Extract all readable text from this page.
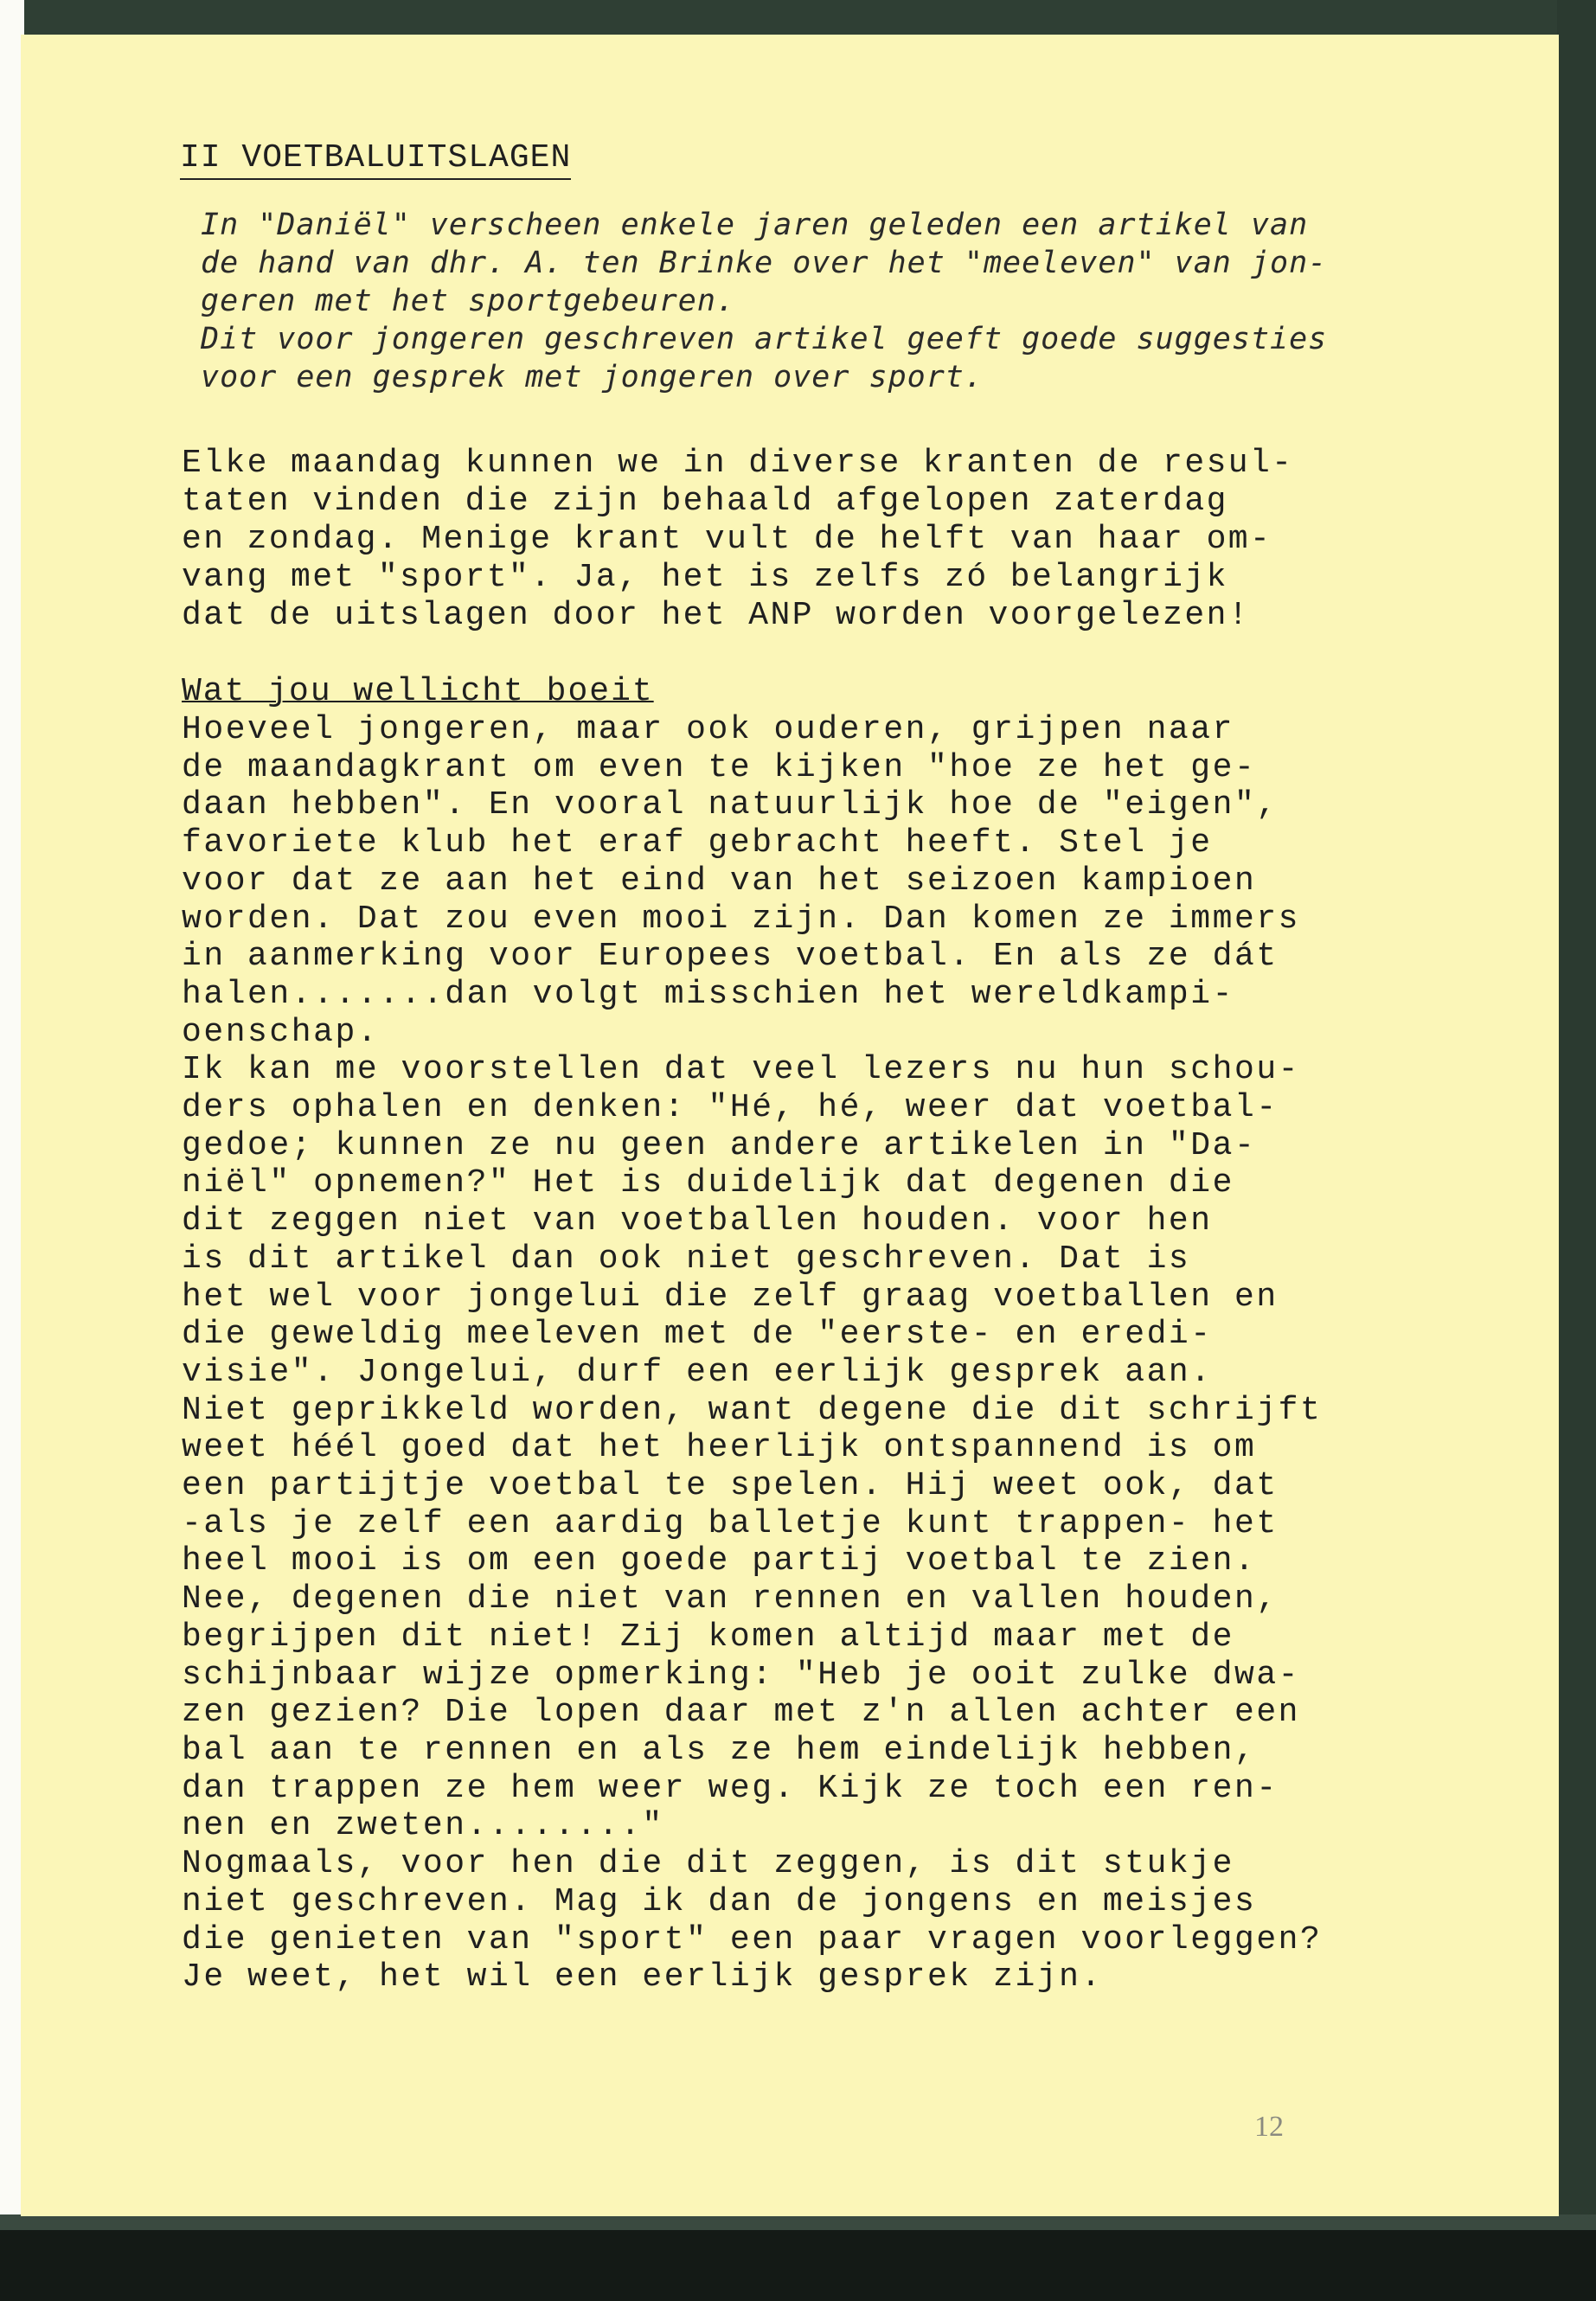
II VOETBALUITSLAGEN

In "Daniël" verscheen enkele jaren geleden een artikel van

de hand van dhr. A. ten Brinke over het "meeleven" van jon-

geren met het sportgebeuren.

Dit voor jongeren geschreven artikel geeft goede suggesties

voor een gesprek met jongeren over sport.

Elke maandag kunnen we in diverse kranten de resul-

taten vinden die zijn behaald afgelopen zaterdag

en zondag. Menige krant vult de helft van haar om-

vang met "sport". Ja, het is zelfs zó belangrijk

dat de uitslagen door het ANP worden voorgelezen!

Wat jou wellicht boeit

Hoeveel jongeren, maar ook ouderen, grijpen naar

de maandagkrant om even te kijken "hoe ze het ge-

daan hebben". En vooral natuurlijk hoe de "eigen",

favoriete klub het eraf gebracht heeft. Stel je

voor dat ze aan het eind van het seizoen kampioen

worden. Dat zou even mooi zijn. Dan komen ze immers

in aanmerking voor Europees voetbal. En als ze dát

halen.......dan volgt misschien het wereldkampi-

oenschap.

Ik kan me voorstellen dat veel lezers nu hun schou-

ders ophalen en denken: "Hé, hé, weer dat voetbal-

gedoe; kunnen ze nu geen andere artikelen in "Da-

niël" opnemen?" Het is duidelijk dat degenen die

dit zeggen niet van voetballen houden. voor hen

is dit artikel dan ook niet geschreven. Dat is

het wel voor jongelui die zelf graag voetballen en

die geweldig meeleven met de "eerste- en eredi-

visie". Jongelui, durf een eerlijk gesprek aan.

Niet geprikkeld worden, want degene die dit schrijft

weet héél goed dat het heerlijk ontspannend is om

een partijtje voetbal te spelen. Hij weet ook, dat

-als je zelf een aardig balletje kunt trappen- het

heel mooi is om een goede partij voetbal te zien.

Nee, degenen die niet van rennen en vallen houden,

begrijpen dit niet! Zij komen altijd maar met de

schijnbaar wijze opmerking: "Heb je ooit zulke dwa-

zen gezien? Die lopen daar met z'n allen achter een

bal aan te rennen en als ze hem eindelijk hebben,

dan trappen ze hem weer weg. Kijk ze toch een ren-

nen en zweten........"

Nogmaals, voor hen die dit zeggen, is dit stukje

niet geschreven. Mag ik dan de jongens en meisjes

die genieten van "sport" een paar vragen voorleggen?

Je weet, het wil een eerlijk gesprek zijn.

12
